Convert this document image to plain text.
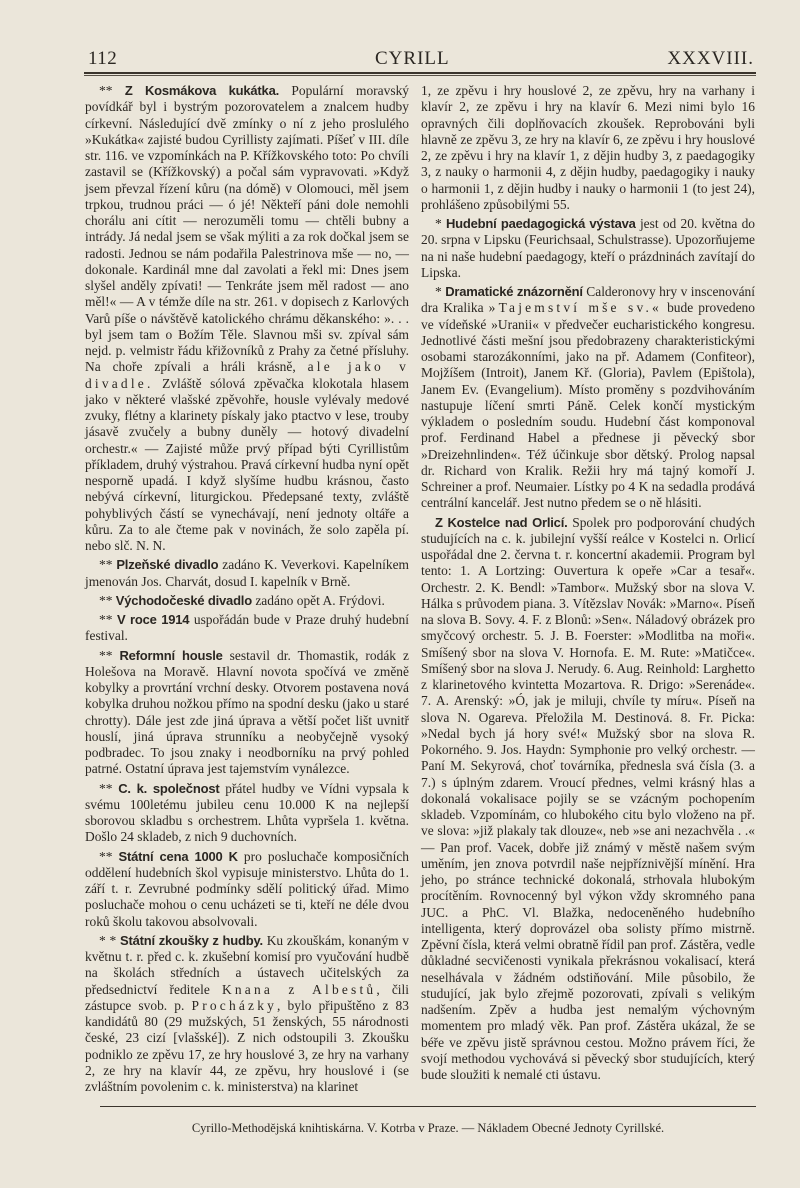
112	CYRILL	XXXVIII.

** Z Kosmákova kukátka. Populární moravský povídkář byl i bystrým pozorovatelem a znalcem hudby církevní. Následující dvě zmínky o ní z jeho proslulého »Kukátka« zajisté budou Cyrillisty zajímati. Píšeť v III. díle str. 116. ve vzpomínkách na P. Křížkovského toto: Po chvíli zastavil se (Křížkovský) a počal sám vypravovati. »Když jsem převzal řízení kůru (na dómě) v Olomouci, měl jsem trpkou, trudnou práci — ó jé! Někteří páni dole nemohli chorálu ani cítit — nerozuměli tomu — chtěli bubny a intrády. Já nedal jsem se však mýliti a za rok dočkal jsem se radosti. Jednou se nám podařila Palestrinova mše — no, — dokonale. Kardinál mne dal zavolati a řekl mi: Dnes jsem slyšel anděly zpívati! — Tenkráte jsem měl radost — ano měl!« — A v témže díle na str. 261. v dopisech z Karlových Varů píše o návštěvě katolického chrámu děkanského: ». . . byl jsem tam o Božím Těle. Slavnou mši sv. zpíval sám nejd. p. velmistr řádu křižovníků z Prahy za četné přísluhy. Na choře zpívali a hráli krásně, ale jako v divadle. Zvláště sólová zpěvačka klokotala hlasem jako v některé vlašské zpěvohře, housle vylévaly medové zvuky, flétny a klarinety pískaly jako ptactvo v lese, trouby jásavě zvučely a bubny duněly — hotový divadelní orchestr.« — Zajisté může prvý případ býti Cyrillistům příkladem, druhý výstrahou. Pravá církevní hudba nyní opět nesporně upadá. I když slyšíme hudbu krásnou, často nebývá církevní, liturgickou. Předepsané texty, zvláště pohyblivých částí se vynechávají, není jednoty oltáře a kůru. Za to ale čteme pak v novinách, že solo zapěla pí. nebo slč. N. N.

** Plzeňské divadlo zadáno K. Veverkovi. Kapelníkem jmenován Jos. Charvát, dosud I. kapelník v Brně.

** Východočeské divadlo zadáno opět A. Frýdovi.

** V roce 1914 uspořádán bude v Praze druhý hudební festival.

** Reformní housle sestavil dr. Thomastik, rodák z Holešova na Moravě. Hlavní novota spočívá ve změně kobylky a provrtání vrchní desky. Otvorem postavena nová kobylka druhou nožkou přímo na spodní desku (jako u staré chrotty). Dále jest zde jiná úprava a větší počet lišt uvnitř houslí, jiná úprava strunníku a neobyčejně vysoký podbradec. To jsou znaky i neodborníku na prvý pohled patrné. Ostatní úprava jest tajemstvím vynálezce.

** C. k. společnost přátel hudby ve Vídni vypsala k svému 100letému jubileu cenu 10.000 K na nejlepší sborovou skladbu s orchestrem. Lhůta vypršela 1. května. Došlo 24 skladeb, z nich 9 duchovních.

** Státní cena 1000 K pro posluchače komposičních oddělení hudebních škol vypisuje ministerstvo. Lhůta do 1. září t. r. Zevrubné podmínky sdělí politický úřad. Mimo posluchače mohou o cenu ucházeti se ti, kteří ne déle dvou roků školu takovou absolvovali.

* * Státní zkoušky z hudby. Ku zkouškám, konaným v květnu t. r. před c. k. zkušební komisí pro vyučování hudbě na školách středních a ústavech učitelských za předsednictví ředitele Knana z Albestů, čili zástupce svob. p. Procházky, bylo připuštěno z 83 kandidátů 80 (29 mužských, 51 ženských, 55 národnosti české, 23 cizí [vlašské]). Z nich odstoupili 3. Zkoušku podniklo ze zpěvu 17, ze hry houslové 3, ze hry na varhany 2, ze hry na klavír 44, ze zpěvu, hry houslové i (se zvláštním povolenim c. k. ministerstva) na klarinet

1, ze zpěvu i hry houslové 2, ze zpěvu, hry na varhany i klavír 2, ze zpěvu i hry na klavír 6. Mezi nimi bylo 16 opravných čili doplňovacích zkoušek. Reprobováni byli hlavně ze zpěvu 3, ze hry na klavír 6, ze zpěvu i hry houslové 2, ze zpěvu i hry na klavír 1, z dějin hudby 3, z paedagogiky 3, z nauky o harmonii 4, z dějin hudby, paedagogiky i nauky o harmonii 1, z dějin hudby i nauky o harmonii 1 (to jest 24), prohlášeno způsobilými 55.

* Hudební paedagogická výstava jest od 20. května do 20. srpna v Lipsku (Feurichsaal, Schulstrasse). Upozorňujeme na ni naše hudební paedagogy, kteří o prázdninách zavítají do Lipska.

* Dramatické znázornění Calderonovy hry v inscenování dra Kralika »Tajemství mše sv.« bude provedeno ve vídeňské »Uranii« v předvečer eucharistického kongresu. Jednotlivé části mešní jsou předobrazeny charakteristickými osobami starozákonními, jako na př. Adamem (Confiteor), Mojžíšem (Introit), Janem Kř. (Gloria), Pavlem (Epištola), Janem Ev. (Evangelium). Místo proměny s pozdvihováním nastupuje líčení smrti Páně. Celek končí mystickým výkladem o posledním soudu. Hudební část komponoval prof. Ferdinand Habel a přednese ji pěvecký sbor »Dreizehnlinden«. Též účinkuje sbor dětský. Prolog napsal dr. Richard von Kralik. Režii hry má tajný komoří J. Schreiner a prof. Neumaier. Lístky po 4 K na sedadla prodává centrální kancelář. Jest nutno předem se o ně hlásiti.

Z Kostelce nad Orlicí. Spolek pro podporování chudých studujících na c. k. jubilejní vyšší reálce v Kostelci n. Orlicí uspořádal dne 2. června t. r. koncertní akademii. Program byl tento: 1. A Lortzing: Ouvertura k opeře »Car a tesař«. Orchestr. 2. K. Bendl: »Tambor«. Mužský sbor na slova V. Hálka s průvodem piana. 3. Vítězslav Novák: »Marno«. Píseň na slova B. Sovy. 4. F. z Blonů: »Sen«. Náladový obrázek pro smyčcový orchestr. 5. J. B. Foerster: »Modlitba na moři«. Smíšený sbor na slova V. Hornofa. E. M. Rute: »Matičce«. Smíšený sbor na slova J. Nerudy. 6. Aug. Reinhold: Larghetto z klarinetového kvintetta Mozartova. R. Drigo: »Serenáde«. 7. A. Arenský: »Ó, jak je miluji, chvíle ty míru«. Píseň na slova N. Ogareva. Přeložila M. Destinová. 8. Fr. Picka: »Nedal bych já hory své!« Mužský sbor na slova R. Pokorného. 9. Jos. Haydn: Symphonie pro velký orchestr. — Paní M. Sekyrová, choť továrníka, přednesla svá čísla (3. a 7.) s úplným zdarem. Vroucí přednes, velmi krásný hlas a dokonalá vokalisace pojily se se vzácným pochopením skladeb. Vzpomínám, co hlubokého citu bylo vloženo na př. ve slova: »již plakaly tak dlouze«, neb »se ani nezachvěla . .« — Pan prof. Vacek, dobře již známý v městě našem svým uměním, jen znova potvrdil naše nejpříznivější mínění. Hra jeho, po stránce technické dokonalá, strhovala hlubokým procítěním. Rovnocenný byl výkon vždy skromného pana JUC. a PhC. Vl. Blažka, nedoceněného hudebního intelligenta, který doprovázel oba solisty přímo mistrně. Zpěvní čísla, která velmi obratně řídil pan prof. Zástěra, vedle důkladné secvičenosti vynikala překrásnou vokalisací, která neselhávala v žádném odstiňování. Mile působilo, že studující, jak bylo zřejmě pozorovati, zpívali s velikým nadšením. Zpěv a hudba jest nemalým výchovným momentem pro mladý věk. Pan prof. Zástěra ukázal, že se béře ve zpěvu jistě správnou cestou. Možno právem říci, že svojí methodou vychovává si pěvecký sbor studujících, který bude sloužiti k nemalé cti ústavu.

Cyrillo-Methodějská knihtiskárna. V. Kotrba v Praze. — Nákladem Obecné Jednoty Cyrillské.
